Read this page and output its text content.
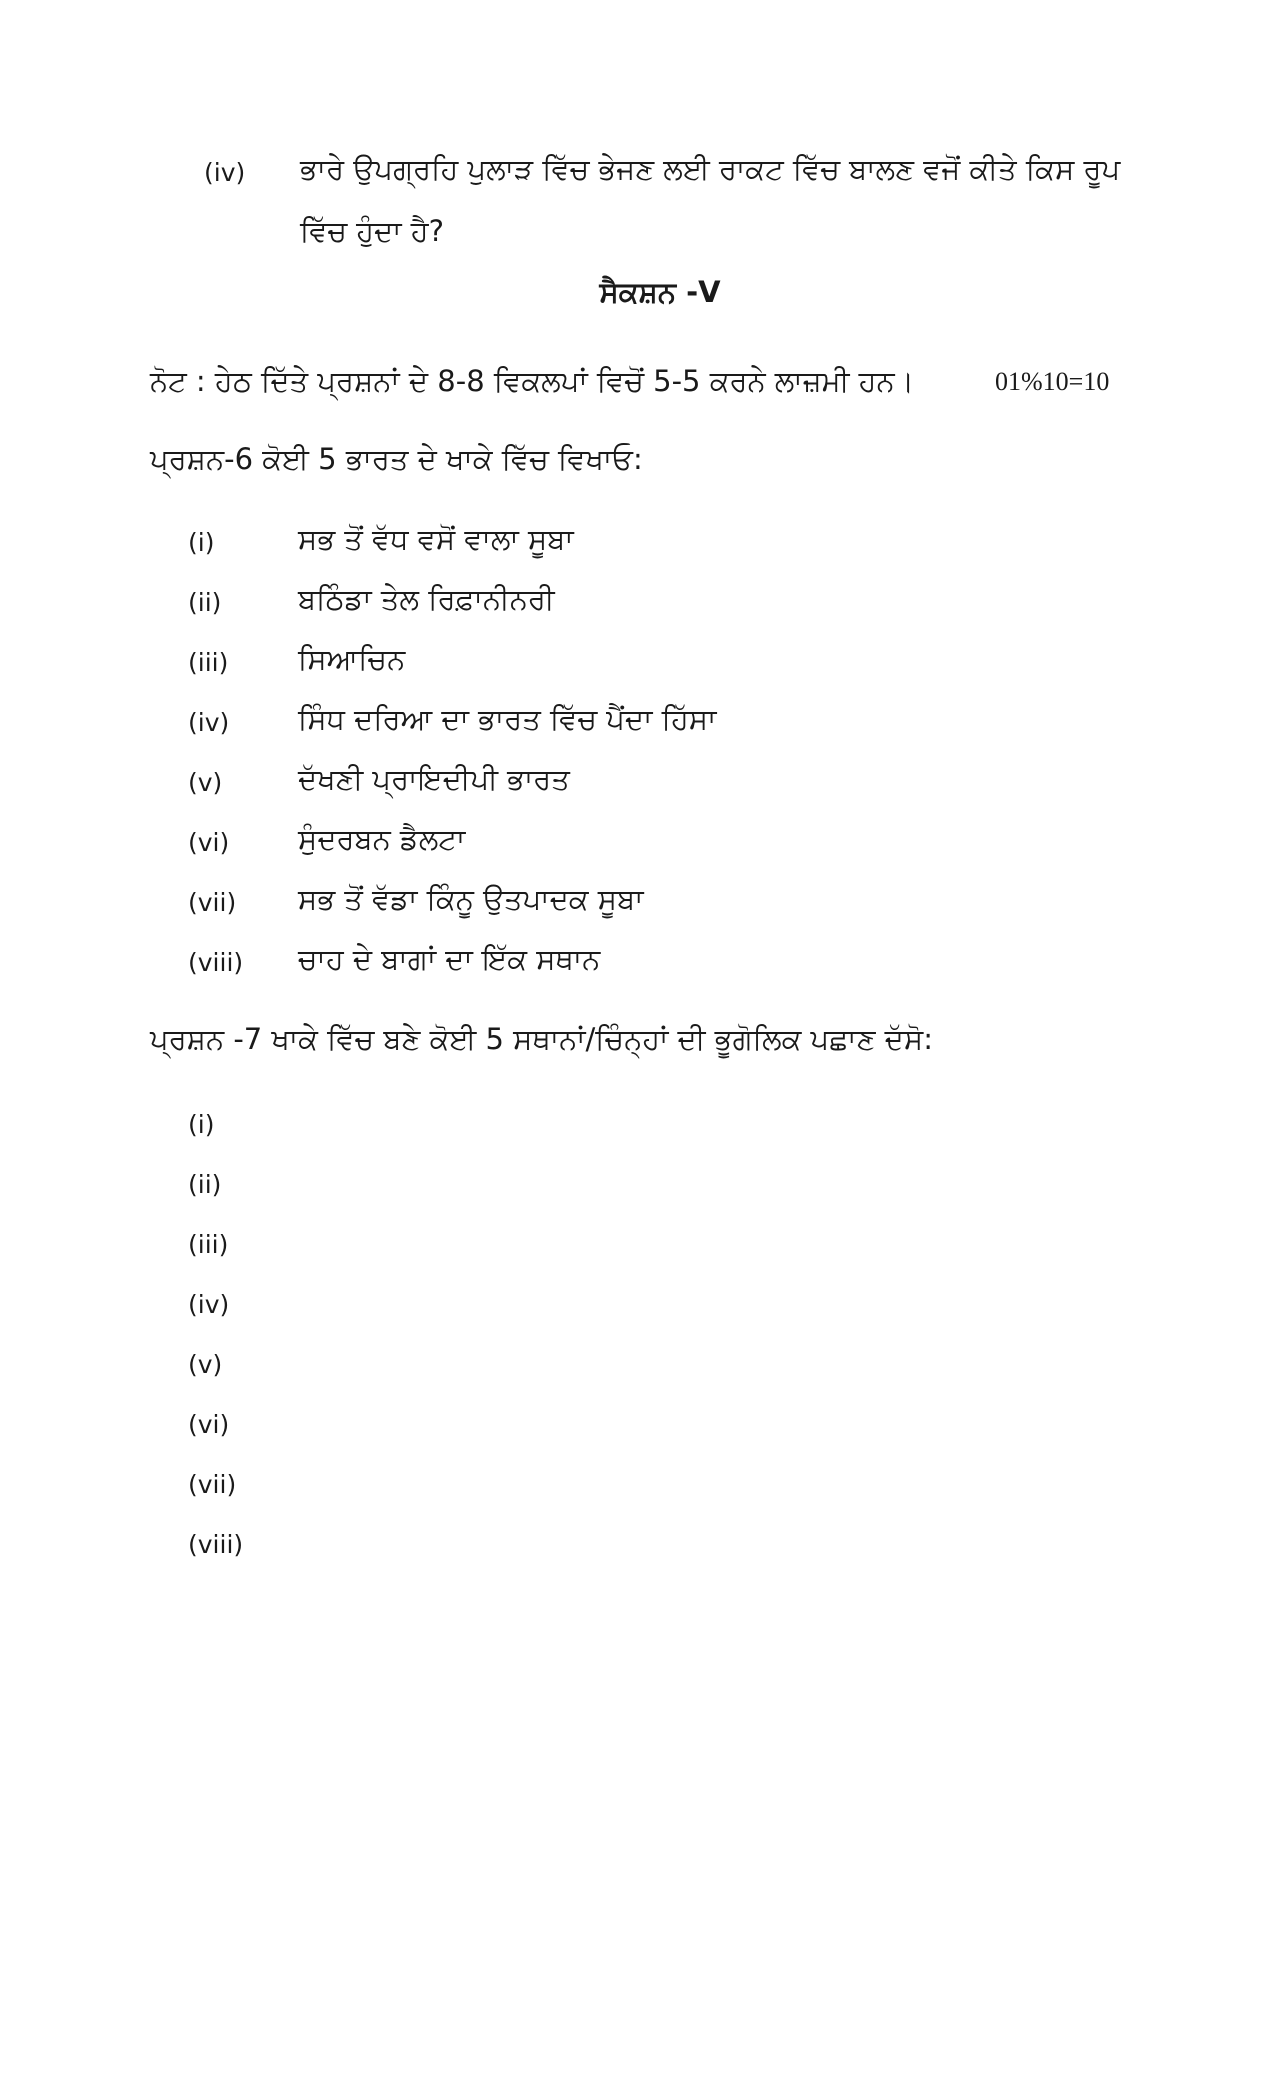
(iv) ਭਾਰੇ ਉਪਗ੍ਰਹਿ ਪੁਲਾੜ ਵਿੱਚ ਭੇਜਣ ਲਈ ਰਾਕਟ ਵਿੱਚ ਬਾਲਣ ਵਜੋਂ ਕੀਤੇ ਕਿਸ ਰੂਪ
ਵਿੱਚ ਹੁੰਦਾ ਹੈ?
ਸੈਕਸ਼ਨ -V
ਨੋਟ : ਹੇਠ ਦਿੱਤੇ ਪ੍ਰਸ਼ਨਾਂ ਦੇ 8-8 ਵਿਕਲਪਾਂ ਵਿਚੋਂ 5-5 ਕਰਨੇ ਲਾਜ਼ਮੀ ਹਨ।	01%10=10
ਪ੍ਰਸ਼ਨ-6 ਕੋਈ 5 ਭਾਰਤ ਦੇ ਖਾਕੇ ਵਿੱਚ ਵਿਖਾਓ:
(i)	ਸਭ ਤੋਂ ਵੱਧ ਵਸੋਂ ਵਾਲਾ ਸੂਬਾ
(ii)	ਬਠਿੰਡਾ ਤੇਲ ਰਿਫ਼ਾਨੀਨਰੀ
(iii) ਸਿਆਚਿਨ
(iv) ਸਿੰਧ ਦਰਿਆ ਦਾ ਭਾਰਤ ਵਿੱਚ ਪੈਂਦਾ ਹਿੱਸਾ
(v)	ਦੱਖਣੀ ਪ੍ਰਾਇਦੀਪੀ ਭਾਰਤ
(vi) ਸੁੰਦਰਬਨ ਡੈਲਟਾ
(vii) ਸਭ ਤੋਂ ਵੱਡਾ ਕਿੰਨੂ ਉਤਪਾਦਕ ਸੂਬਾ
(viii) ਚਾਹ ਦੇ ਬਾਗਾਂ ਦਾ ਇੱਕ ਸਥਾਨ
ਪ੍ਰਸ਼ਨ -7 ਖਾਕੇ ਵਿੱਚ ਬਣੇ ਕੋਈ 5 ਸਥਾਨਾਂ/ਚਿੰਨ੍ਹਾਂ ਦੀ ਭੂਗੋਲਿਕ ਪਛਾਣ ਦੱਸੋ:
(i)
(ii)
(iii)
(iv)
(v)
(vi)
(vii)
(viii)
